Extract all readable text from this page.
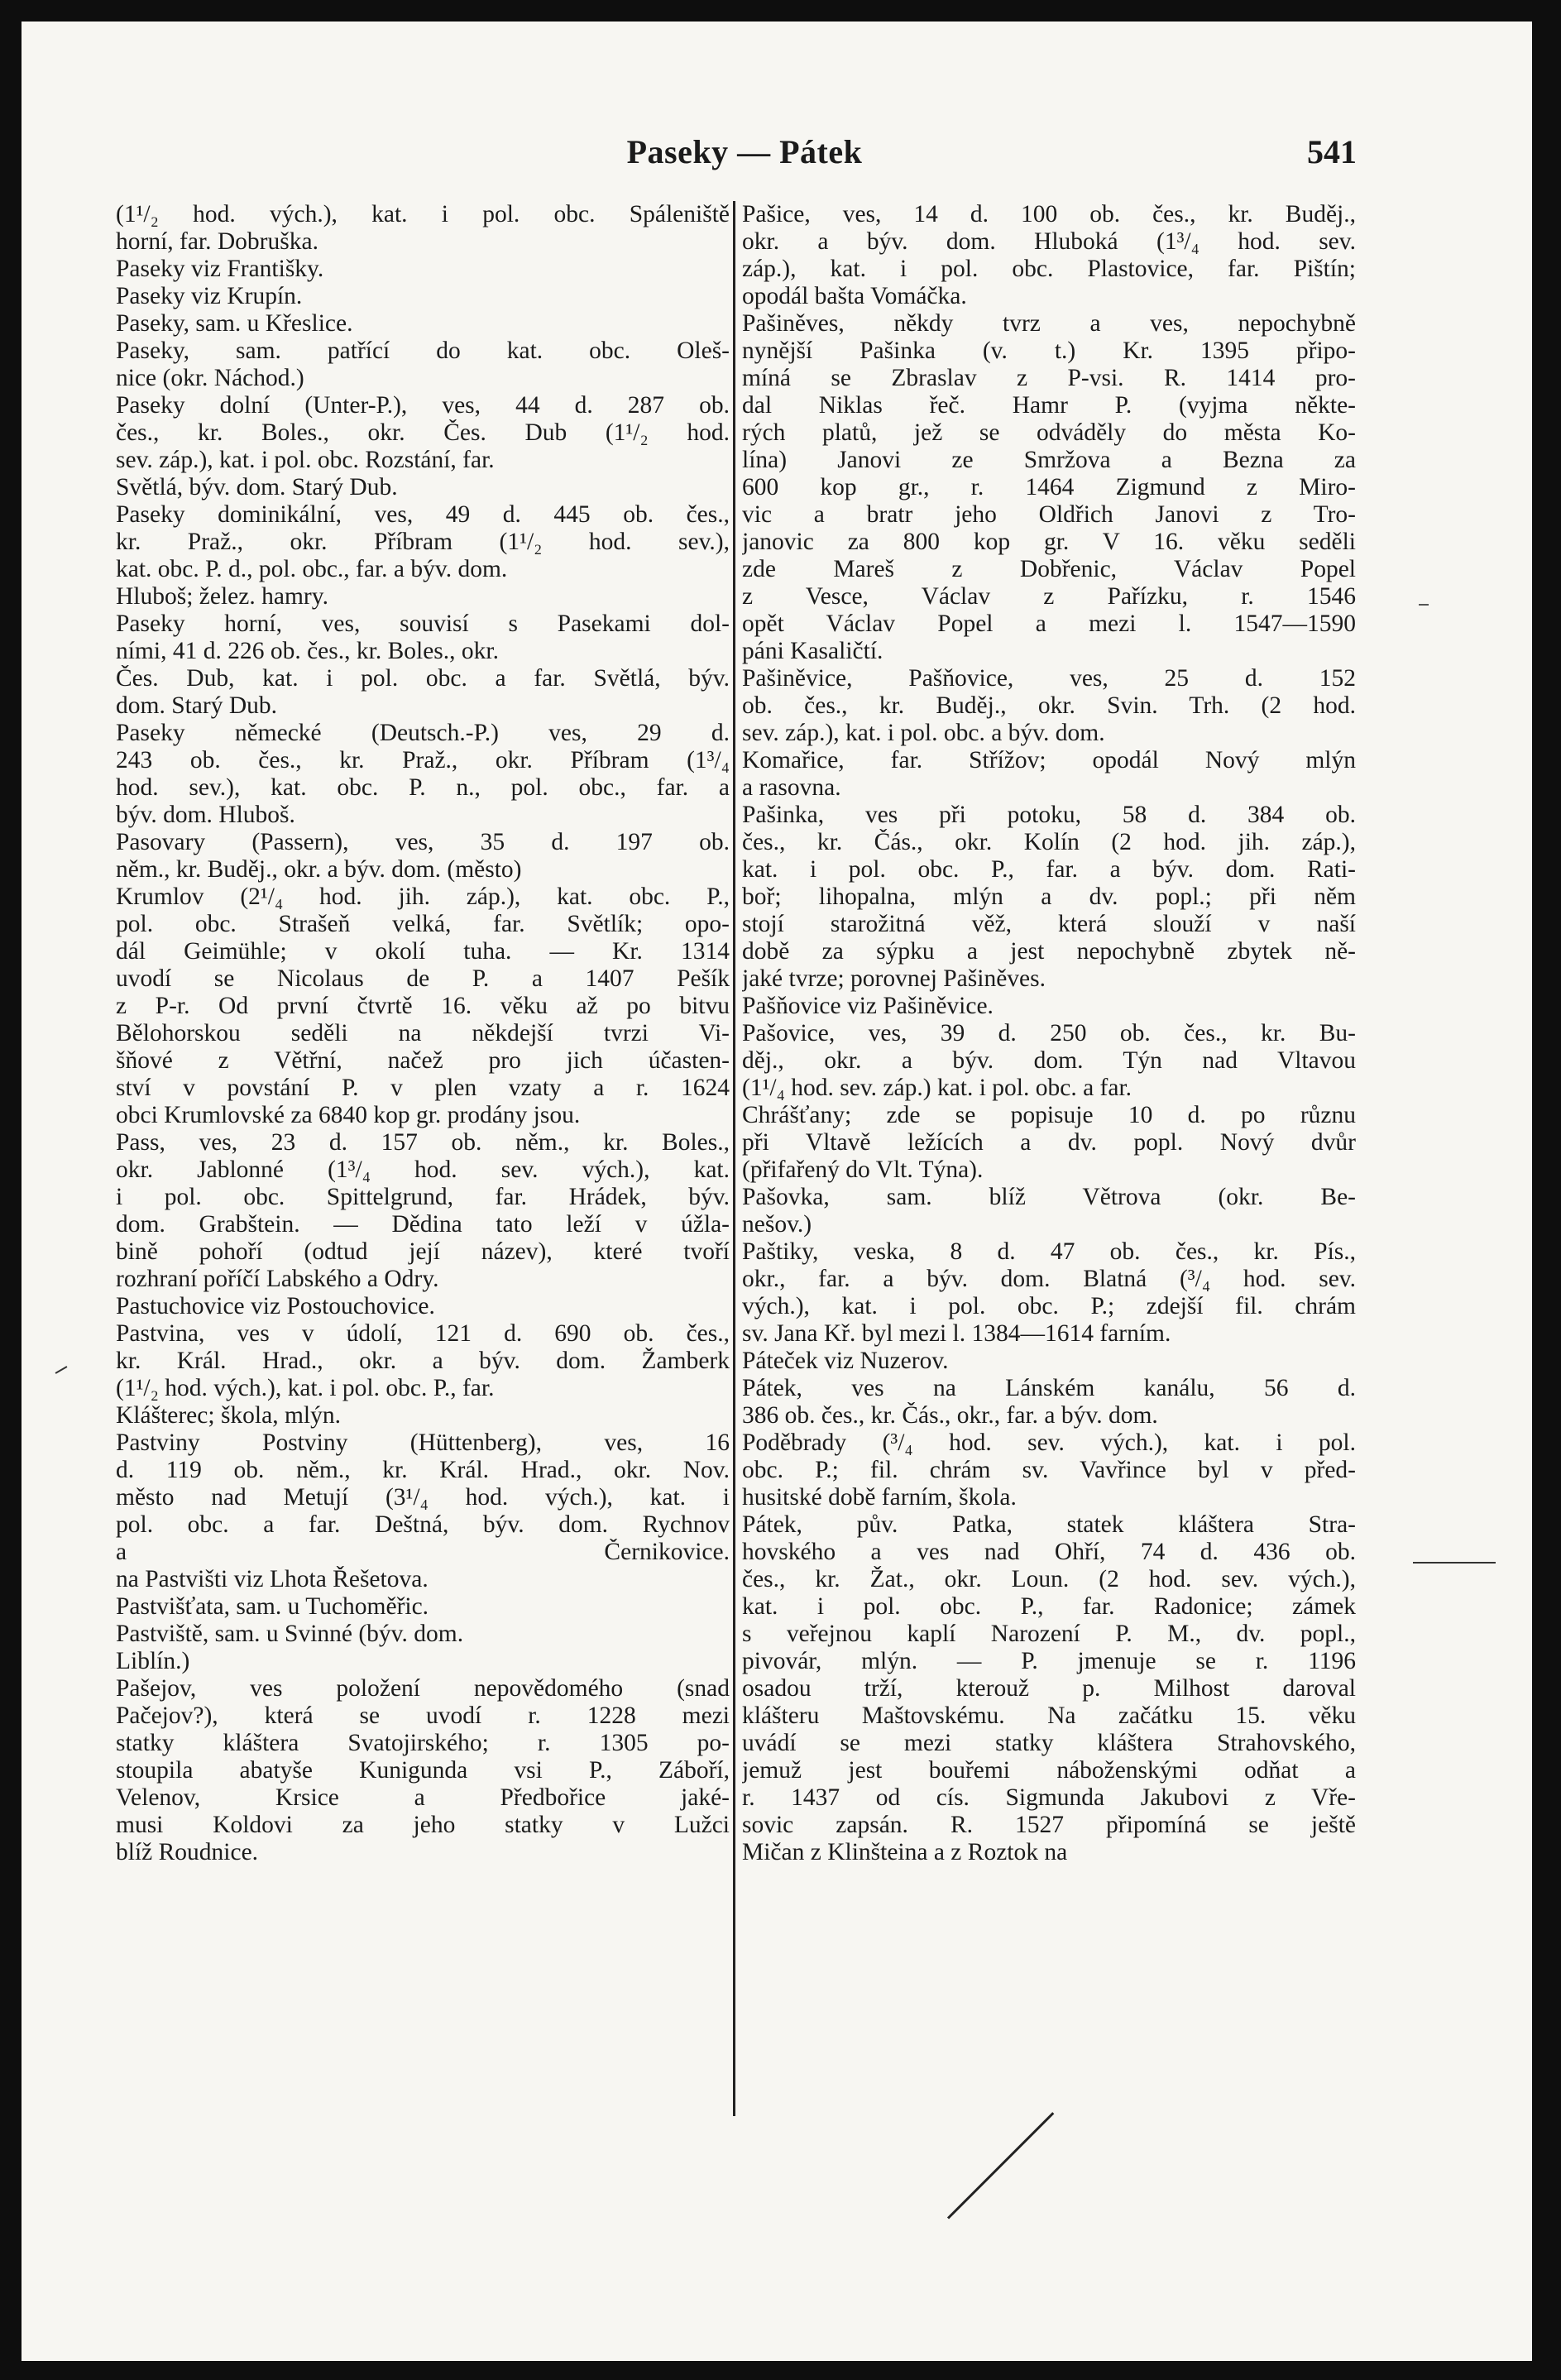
Paseky — Pátek	541
(1¹/₂ hod. vých.), kat. i pol. obc. Spáleniště
horní, far. Dobruška.
Paseky viz Františky.
Paseky viz Krupín.
Paseky, sam. u Křeslice.
Paseky, sam. patřící do kat. obc. Oleš-
nice (okr. Náchod.)
Paseky dolní (Unter-P.), ves, 44 d. 287 ob.
čes., kr. Boles., okr. Čes. Dub (1¹/₂ hod.
sev. záp.), kat. i pol. obc. Rozstání, far.
Světlá, býv. dom. Starý Dub.
Paseky dominikální, ves, 49 d. 445 ob. čes.,
kr. Praž., okr. Příbram (1¹/₂ hod. sev.),
kat. obc. P. d., pol. obc., far. a býv. dom.
Hluboš; želez. hamry.
Paseky horní, ves, souvisí s Pasekami dol-
ními, 41 d. 226 ob. čes., kr. Boles., okr.
Čes. Dub, kat. i pol. obc. a far. Světlá, býv.
dom. Starý Dub.
Paseky německé (Deutsch.-P.) ves, 29 d.
243 ob. čes., kr. Praž., okr. Příbram (1³/₄
hod. sev.), kat. obc. P. n., pol. obc., far. a
býv. dom. Hluboš.
Pasovary (Passern), ves, 35 d. 197 ob.
něm., kr. Buděj., okr. a býv. dom. (město)
Krumlov (2¹/₄ hod. jih. záp.), kat. obc. P.,
pol. obc. Strašeň velká, far. Světlík; opo-
dál Geimühle; v okolí tuha. — Kr. 1314
uvodí se Nicolaus de P. a 1407 Pešík
z P-r. Od první čtvrtě 16. věku až po bitvu
Bělohorskou seděli na někdejší tvrzi Vi-
šňové z Větřní, načež pro jich účasten-
ství v povstání P. v plen vzaty a r. 1624
obci Krumlovské za 6840 kop gr. prodány jsou.
Pass, ves, 23 d. 157 ob. něm., kr. Boles.,
okr. Jablonné (1³/₄ hod. sev. vých.), kat.
i pol. obc. Spittelgrund, far. Hrádek, býv.
dom. Grabštein. — Dědina tato leží v úžla-
bině pohoří (odtud její název), které tvoří
rozhraní poříčí Labského a Odry.
Pastuchovice viz Postouchovice.
Pastvina, ves v údolí, 121 d. 690 ob. čes.,
kr. Král. Hrad., okr. a býv. dom. Žamberk
(1¹/₂ hod. vých.), kat. i pol. obc. P., far.
Klášterec; škola, mlýn.
Pastviny Postviny (Hüttenberg), ves, 16
d. 119 ob. něm., kr. Král. Hrad., okr. Nov.
město nad Metují (3¹/₄ hod. vých.), kat. i
pol. obc. a far. Deštná, býv. dom. Rychnov
a Černikovice.
na Pastvišti viz Lhota Řešetova.
Pastvišťata, sam. u Tuchoměřic.
Pastviště, sam. u Svinné (býv. dom.
Liblín.)
Pašejov, ves položení nepovědomého (snad
Pačejov?), která se uvodí r. 1228 mezi
statky kláštera Svatojirského; r. 1305 po-
stoupila abatyše Kunigunda vsi P., Záboří,
Velenov, Krsice a Předbořice jaké-
musi Koldovi za jeho statky v Lužci
blíž Roudnice.
Pašice, ves, 14 d. 100 ob. čes., kr. Buděj.,
okr. a býv. dom. Hluboká (1³/₄ hod. sev.
záp.), kat. i pol. obc. Plastovice, far. Pištín;
opodál bašta Vomáčka.
Pašiněves, někdy tvrz a ves, nepochybně
nynější Pašinka (v. t.) Kr. 1395 připo-
míná se Zbraslav z P-vsi. R. 1414 pro-
dal Niklas řeč. Hamr P. (vyjma někte-
rých platů, jež se odváděly do města Ko-
lína) Janovi ze Smržova a Bezna za
600 kop gr., r. 1464 Zigmund z Miro-
vic a bratr jeho Oldřich Janovi z Tro-
janovic za 800 kop gr. V 16. věku seděli
zde Mareš z Dobřenic, Václav Popel
z Vesce, Václav z Pařízku, r. 1546
opět Václav Popel a mezi l. 1547—1590
páni Kasaličtí.
Pašiněvice, Pašňovice, ves, 25 d. 152
ob. čes., kr. Buděj., okr. Svin. Trh. (2 hod.
sev. záp.), kat. i pol. obc. a býv. dom.
Komařice, far. Střížov; opodál Nový mlýn
a rasovna.
Pašinka, ves při potoku, 58 d. 384 ob.
čes., kr. Čás., okr. Kolín (2 hod. jih. záp.),
kat. i pol. obc. P., far. a býv. dom. Rati-
boř; lihopalna, mlýn a dv. popl.; při něm
stojí starožitná věž, která slouží v naší
době za sýpku a jest nepochybně zbytek ně-
jaké tvrze; porovnej Pašiněves.
Pašňovice viz Pašiněvice.
Pašovice, ves, 39 d. 250 ob. čes., kr. Bu-
děj., okr. a býv. dom. Týn nad Vltavou
(1¹/₄ hod. sev. záp.) kat. i pol. obc. a far.
Chrášťany; zde se popisuje 10 d. po různu
při Vltavě ležících a dv. popl. Nový dvůr
(přifařený do Vlt. Týna).
Pašovka, sam. blíž Větrova (okr. Be-
nešov.)
Paštiky, veska, 8 d. 47 ob. čes., kr. Pís.,
okr., far. a býv. dom. Blatná (³/₄ hod. sev.
vých.), kat. i pol. obc. P.; zdejší fil. chrám
sv. Jana Kř. byl mezi l. 1384—1614 farním.
Páteček viz Nuzerov.
Pátek, ves na Lánském kanálu, 56 d.
386 ob. čes., kr. Čás., okr., far. a býv. dom.
Poděbrady (³/₄ hod. sev. vých.), kat. i pol.
obc. P.; fil. chrám sv. Vavřince byl v před-
husitské době farním, škola.
Pátek, pův. Patka, statek kláštera Stra-
hovského a ves nad Ohří, 74 d. 436 ob.
čes., kr. Žat., okr. Loun. (2 hod. sev. vých.),
kat. i pol. obc. P., far. Radonice; zámek
s veřejnou kaplí Narození P. M., dv. popl.,
pivovár, mlýn. — P. jmenuje se r. 1196
osadou trží, kterouž p. Milhost daroval
klášteru Maštovskému. Na začátku 15. věku
uvádí se mezi statky kláštera Strahovského,
jemuž jest bouřemi náboženskými odňat a
r. 1437 od cís. Sigmunda Jakubovi z Vře-
sovic zapsán. R. 1527 připomíná se ještě
Mičan z Klinšteina a z Roztok na
